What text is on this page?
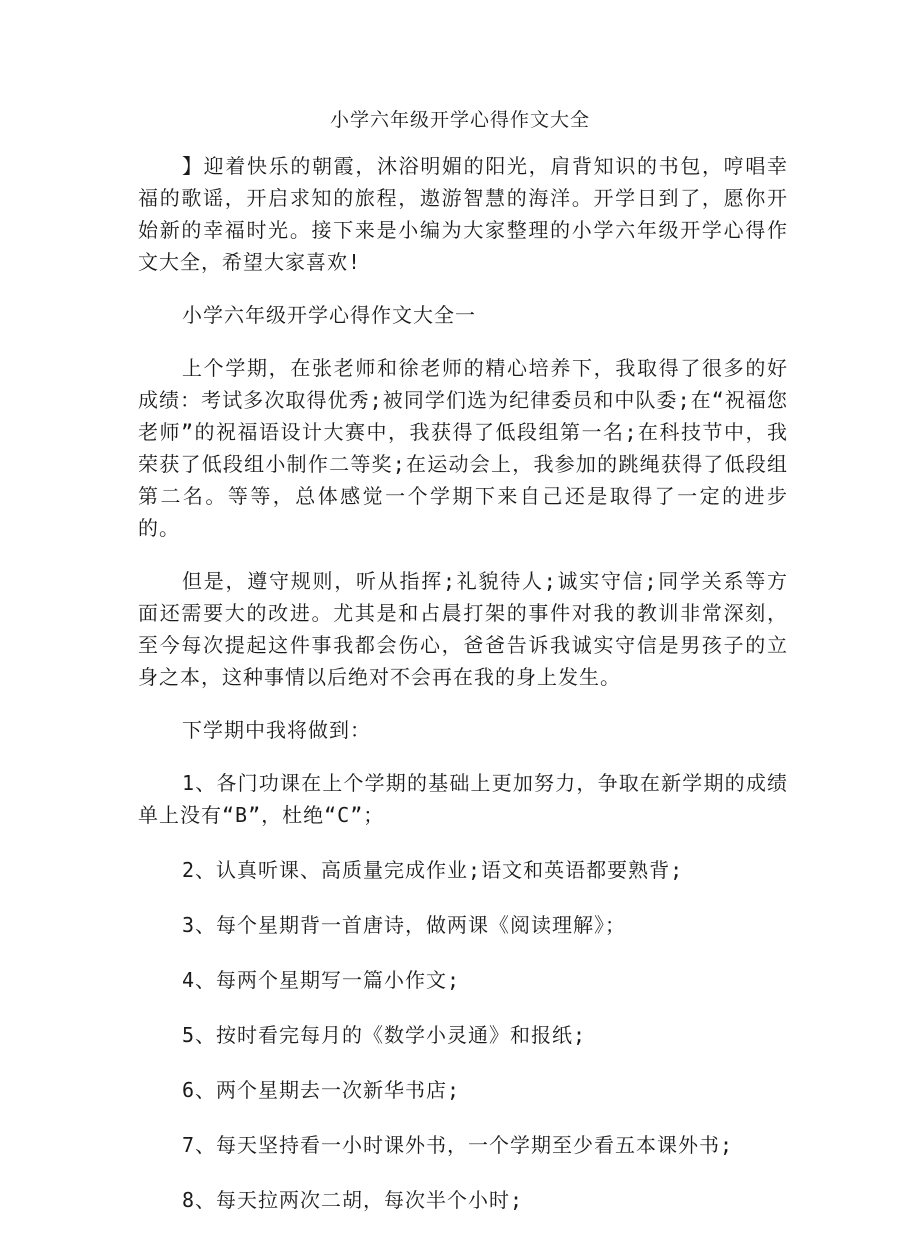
小学六年级开学心得作文大全

】迎着快乐的朝霞，沐浴明媚的阳光，肩背知识的书包，哼唱幸福的歌谣，开启求知的旅程，遨游智慧的海洋。开学日到了，愿你开始新的幸福时光。接下来是小编为大家整理的小学六年级开学心得作文大全，希望大家喜欢!

小学六年级开学心得作文大全一

上个学期，在张老师和徐老师的精心培养下，我取得了很多的好成绩：考试多次取得优秀;被同学们选为纪律委员和中队委;在“祝福您老师”的祝福语设计大赛中，我获得了低段组第一名;在科技节中，我荣获了低段组小制作二等奖;在运动会上，我参加的跳绳获得了低段组第二名。等等，总体感觉一个学期下来自己还是取得了一定的进步的。

但是，遵守规则，听从指挥;礼貌待人;诚实守信;同学关系等方面还需要大的改进。尤其是和占晨打架的事件对我的教训非常深刻，至今每次提起这件事我都会伤心，爸爸告诉我诚实守信是男孩子的立身之本，这种事情以后绝对不会再在我的身上发生。

下学期中我将做到：

1、各门功课在上个学期的基础上更加努力，争取在新学期的成绩单上没有“B”，杜绝“C”；

2、认真听课、高质量完成作业;语文和英语都要熟背;

3、每个星期背一首唐诗，做两课《阅读理解》；

4、每两个星期写一篇小作文;

5、按时看完每月的《数学小灵通》和报纸;

6、两个星期去一次新华书店;

7、每天坚持看一小时课外书，一个学期至少看五本课外书;

8、每天拉两次二胡，每次半个小时;
